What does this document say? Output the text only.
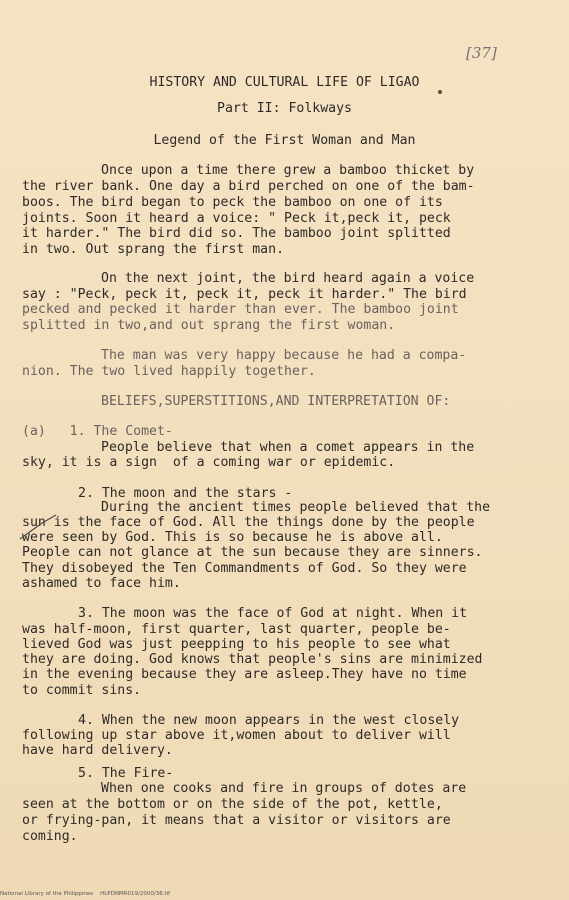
[37]
HISTORY AND CULTURAL LIFE OF LIGAO
Part II: Folkways
Legend of the First Woman and Man
Once upon a time there grew a bamboo thicket by
the river bank. One day a bird perched on one of the bam-
boos. The bird began to peck the bamboo on one of its
joints. Soon it heard a voice: " Peck it,peck it, peck
it harder." The bird did so. The bamboo joint splitted
in two. Out sprang the first man.
On the next joint, the bird heard again a voice
say : "Peck, peck it, peck it, peck it harder." The bird
pecked and pecked it harder than ever. The bamboo joint
splitted in two,and out sprang the first woman.
The man was very happy because he had a compa-
nion. The two lived happily together.
BELIEFS,SUPERSTITIONS,AND INTERPRETATION OF:
(a)   1. The Comet-
People believe that when a comet appears in the
sky, it is a sign  of a coming war or epidemic.
2. The moon and the stars -
During the ancient times people believed that the
sun is the face of God. All the things done by the people
were seen by God. This is so because he is above all.
People can not glance at the sun because they are sinners.
They disobeyed the Ten Commandments of God. So they were
ashamed to face him.
3. The moon was the face of God at night. When it
was half-moon, first quarter, last quarter, people be-
lieved God was just peepping to his people to see what
they are doing. God knows that people's sins are minimized
in the evening because they are asleep.They have no time
to commit sins.
4. When the new moon appears in the west closely
following up star above it,women about to deliver will
have hard delivery.
5. The Fire-
When one cooks and fire in groups of dotes are
seen at the bottom or on the side of the pot, kettle,
or frying-pan, it means that a visitor or visitors are
coming.
National Library of the Philippines    HLPDNMR019/2000/36.tif
